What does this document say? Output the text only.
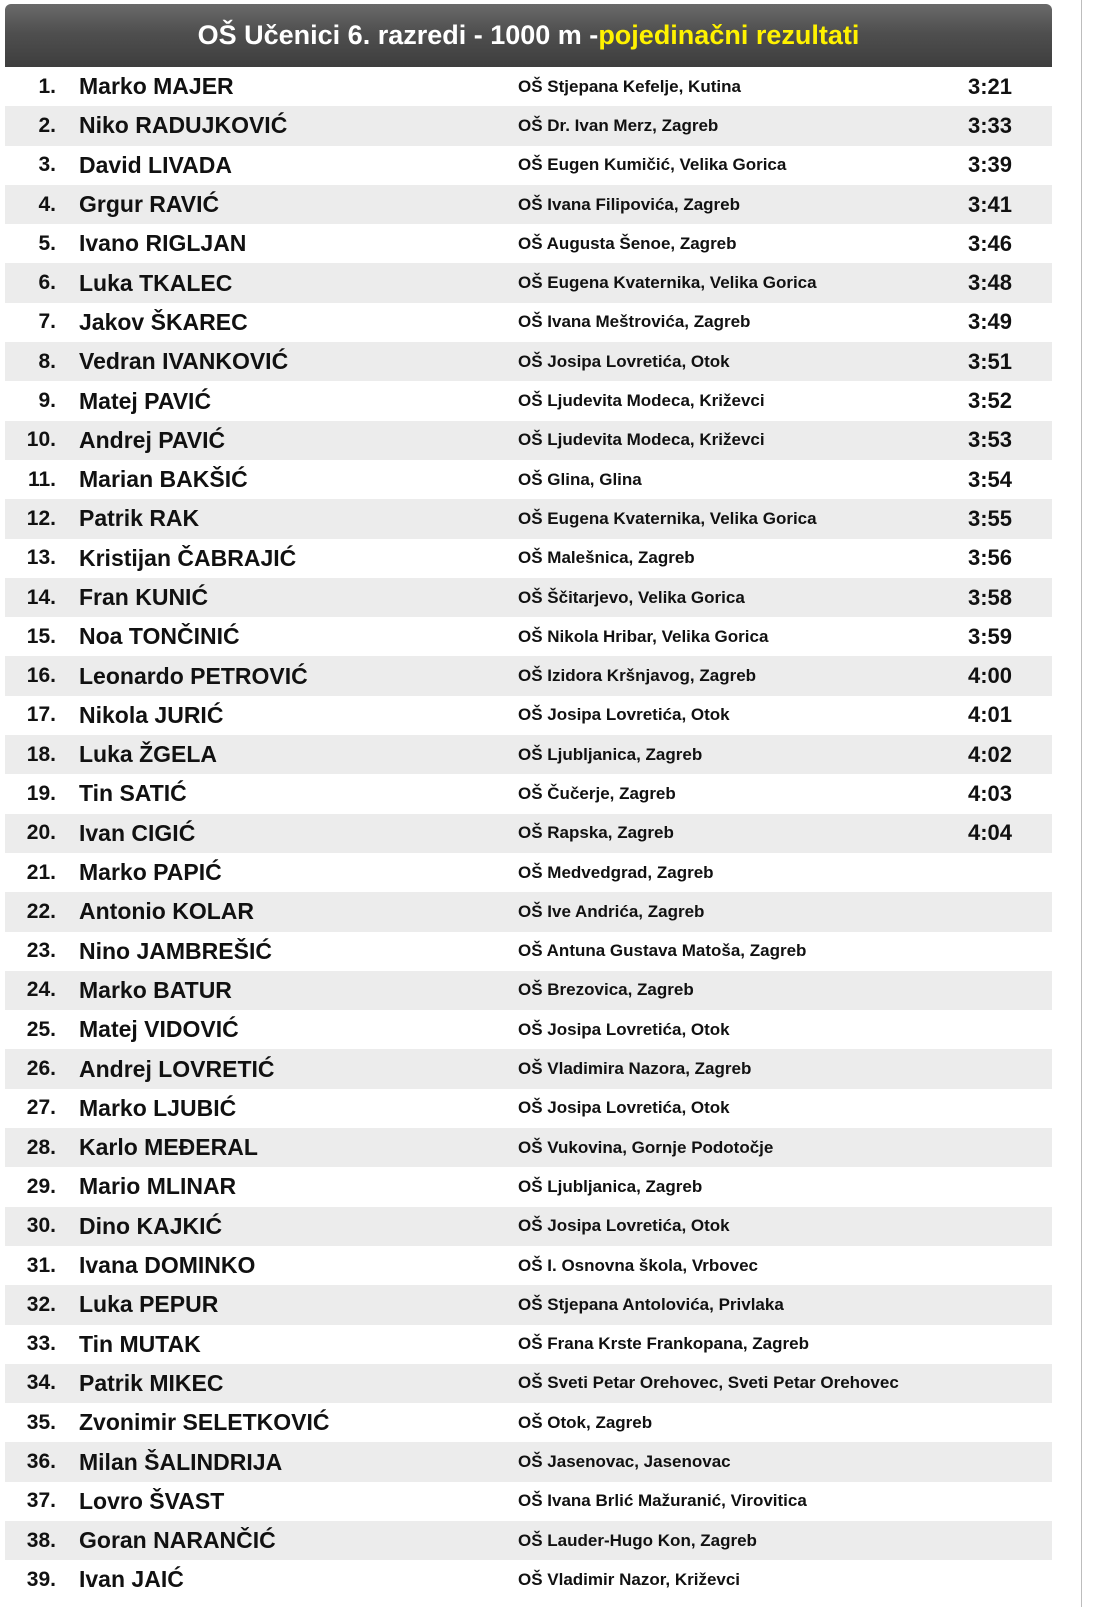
OŠ Učenici 6. razredi - 1000 m - pojedinačni rezultati
1. Marko MAJER	OŠ Stjepana Kefelje, Kutina	3:21
2. Niko RADUJKOVIĆ	OŠ Dr. Ivan Merz, Zagreb	3:33
3. David LIVADA	OŠ Eugen Kumičić, Velika Gorica	3:39
4. Grgur RAVIĆ	OŠ Ivana Filipovića, Zagreb	3:41
5. Ivano RIGLJAN	OŠ Augusta Šenoe, Zagreb	3:46
6. Luka TKALEC	OŠ Eugena Kvaternika, Velika Gorica	3:48
7. Jakov ŠKAREC	OŠ Ivana Meštrovića, Zagreb	3:49
8. Vedran IVANKOVIĆ	OŠ Josipa Lovretića, Otok	3:51
9. Matej PAVIĆ	OŠ Ljudevita Modeca, Križevci	3:52
10. Andrej PAVIĆ	OŠ Ljudevita Modeca, Križevci	3:53
11. Marian BAKŠIĆ	OŠ Glina, Glina	3:54
12. Patrik RAK	OŠ Eugena Kvaternika, Velika Gorica	3:55
13. Kristijan ČABRAJIĆ	OŠ Malešnica, Zagreb	3:56
14. Fran KUNIĆ	OŠ Ščitarjevo, Velika Gorica	3:58
15. Noa TONČINIĆ	OŠ Nikola Hribar, Velika Gorica	3:59
16. Leonardo PETROVIĆ	OŠ Izidora Kršnjavog, Zagreb	4:00
17. Nikola JURIĆ	OŠ Josipa Lovretića, Otok	4:01
18. Luka ŽGELA	OŠ Ljubljanica, Zagreb	4:02
19. Tin SATIĆ	OŠ Čučerje, Zagreb	4:03
20. Ivan CIGIĆ	OŠ Rapska, Zagreb	4:04
21. Marko PAPIĆ	OŠ Medvedgrad, Zagreb
22. Antonio KOLAR	OŠ Ive Andrića, Zagreb
23. Nino JAMBREŠIĆ	OŠ Antuna Gustava Matoša, Zagreb
24. Marko BATUR	OŠ Brezovica, Zagreb
25. Matej VIDOVIĆ	OŠ Josipa Lovretića, Otok
26. Andrej LOVRETIĆ	OŠ Vladimira Nazora, Zagreb
27. Marko LJUBIĆ	OŠ Josipa Lovretića, Otok
28. Karlo MEĐERAL	OŠ Vukovina, Gornje Podotočje
29. Mario MLINAR	OŠ Ljubljanica, Zagreb
30. Dino KAJKIĆ	OŠ Josipa Lovretića, Otok
31. Ivana DOMINKO	OŠ I. Osnovna škola, Vrbovec
32. Luka PEPUR	OŠ Stjepana Antolovića, Privlaka
33. Tin MUTAK	OŠ Frana Krste Frankopana, Zagreb
34. Patrik MIKEC	OŠ Sveti Petar Orehovec, Sveti Petar Orehovec
35. Zvonimir SELETKOVIĆ	OŠ Otok, Zagreb
36. Milan ŠALINDRIJA	OŠ Jasenovac, Jasenovac
37. Lovro ŠVAST	OŠ Ivana Brlić Mažuranić, Virovitica
38. Goran NARANČIĆ	OŠ Lauder-Hugo Kon, Zagreb
39. Ivan JAIĆ	OŠ Vladimir Nazor, Križevci
